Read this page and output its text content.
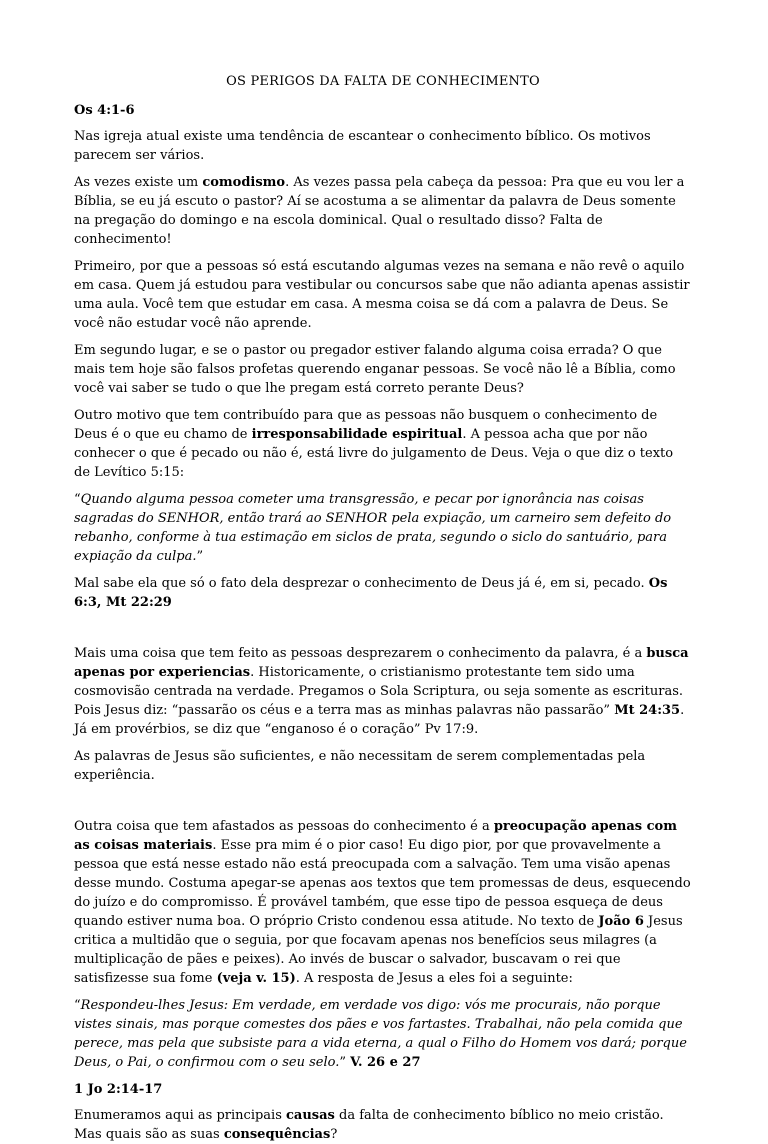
OS PERIGOS DA FALTA DE CONHECIMENTO
Os 4:1-6

Nas igreja atual existe uma tendência de escantear o conhecimento bíblico. Os motivos parecem ser vários.

As vezes existe um comodismo. As vezes passa pela cabeça da pessoa: Pra que eu vou ler a Bíblia, se eu já escuto o pastor? Aí se acostuma a se alimentar da palavra de Deus somente na pregação do domingo e na escola dominical. Qual o resultado disso? Falta de conhecimento!

Primeiro, por que a pessoas só está escutando algumas vezes na semana e não revê o aquilo em casa. Quem já estudou para vestibular ou concursos sabe que não adianta apenas assistir uma aula. Você tem que estudar em casa. A mesma coisa se dá com a palavra de Deus. Se você não estudar você não aprende.

Em segundo lugar, e se o pastor ou pregador estiver falando alguma coisa errada? O que mais tem hoje são falsos profetas querendo enganar pessoas. Se você não lê a Bíblia, como você vai saber se tudo o que lhe pregam está correto perante Deus?

Outro motivo que tem contribuído para que as pessoas não busquem o conhecimento de Deus é o que eu chamo de irresponsabilidade espiritual. A pessoa acha que por não conhecer o que é pecado ou não é, está livre do julgamento de Deus. Veja o que diz o texto de Levítico 5:15:

“Quando alguma pessoa cometer uma transgressão, e pecar por ignorância nas coisas sagradas do SENHOR, então trará ao SENHOR pela expiação, um carneiro sem defeito do rebanho, conforme à tua estimação em siclos de prata, segundo o siclo do santuário, para expiação da culpa.”

Mal sabe ela que só o fato dela desprezar o conhecimento de Deus já é, em si, pecado. Os 6:3, Mt 22:29

Mais uma coisa que tem feito as pessoas desprezarem o conhecimento da palavra, é a busca apenas por experiencias. Historicamente, o cristianismo protestante tem sido uma cosmovisão centrada na verdade. Pregamos o Sola Scriptura, ou seja somente as escrituras. Pois Jesus diz: “passarão os céus e a terra mas as minhas palavras não passarão” Mt 24:35. Já em provérbios, se diz que “enganoso é o coração” Pv 17:9.

As palavras de Jesus são suficientes, e não necessitam de serem complementadas pela experiência.

Outra coisa que tem afastados as pessoas do conhecimento é a preocupação apenas com as coisas materiais. Esse pra mim é o pior caso! Eu digo pior, por que provavelmente a pessoa que está nesse estado não está preocupada com a salvação. Tem uma visão apenas desse mundo. Costuma apegar-se apenas aos textos que tem promessas de deus, esquecendo do juízo e do compromisso. É provável também, que esse tipo de pessoa esqueça de deus quando estiver numa boa. O próprio Cristo condenou essa atitude. No texto de João 6 Jesus critica a multidão que o seguia, por que focavam apenas nos benefícios seus milagres (a multiplicação de pães e peixes). Ao invés de buscar o salvador, buscavam o rei que satisfizesse sua fome (veja v. 15). A resposta de Jesus a eles foi a seguinte:

“Respondeu-lhes Jesus: Em verdade, em verdade vos digo: vós me procurais, não porque vistes sinais, mas porque comestes dos pães e vos fartastes. Trabalhai, não pela comida que perece, mas pela que subsiste para a vida eterna, a qual o Filho do Homem vos dará; porque Deus, o Pai, o confirmou com o seu selo.” V. 26 e 27

1 Jo 2:14-17

Enumeramos aqui as principais causas da falta de conhecimento bíblico no meio cristão. Mas quais são as suas consequências?
